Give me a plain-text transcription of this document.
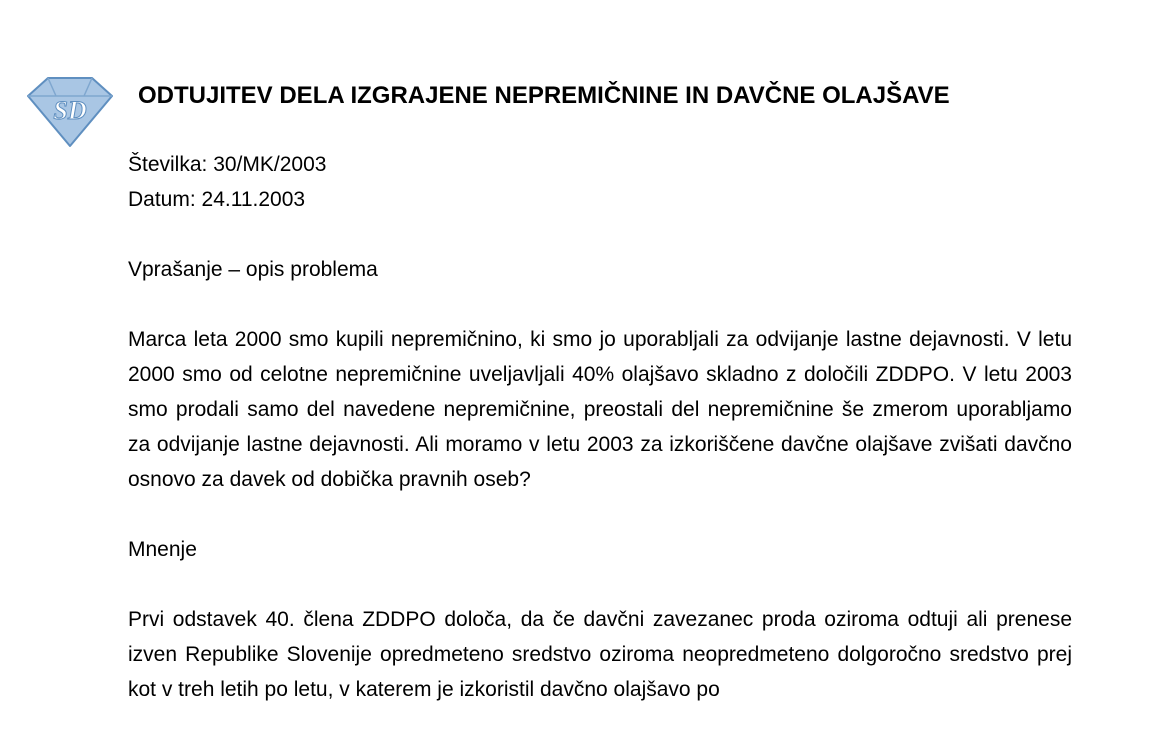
SD
ODTUJITEV DELA IZGRAJENE NEPREMIČNINE IN DAVČNE OLAJŠAVE

Številka: 30/MK/2003

Datum: 24.11.2003

Vprašanje – opis problema

Marca leta 2000 smo kupili nepremičnino, ki smo jo uporabljali za odvijanje lastne dejavnosti. V letu 2000 smo od celotne nepremičnine uveljavljali 40% olajšavo skladno z določili ZDDPO. V letu 2003 smo prodali samo del navedene nepremičnine, preostali del nepremičnine še zmerom uporabljamo za odvijanje lastne dejavnosti. Ali moramo v letu 2003 za izkoriščene davčne olajšave zvišati davčno osnovo za davek od dobička pravnih oseb?

Mnenje

Prvi odstavek 40. člena ZDDPO določa, da če davčni zavezanec proda oziroma odtuji ali prenese izven Republike Slovenije opredmeteno sredstvo oziroma neopredmeteno dolgoročno sredstvo prej kot v treh letih po letu, v katerem je izkoristil davčno olajšavo po
